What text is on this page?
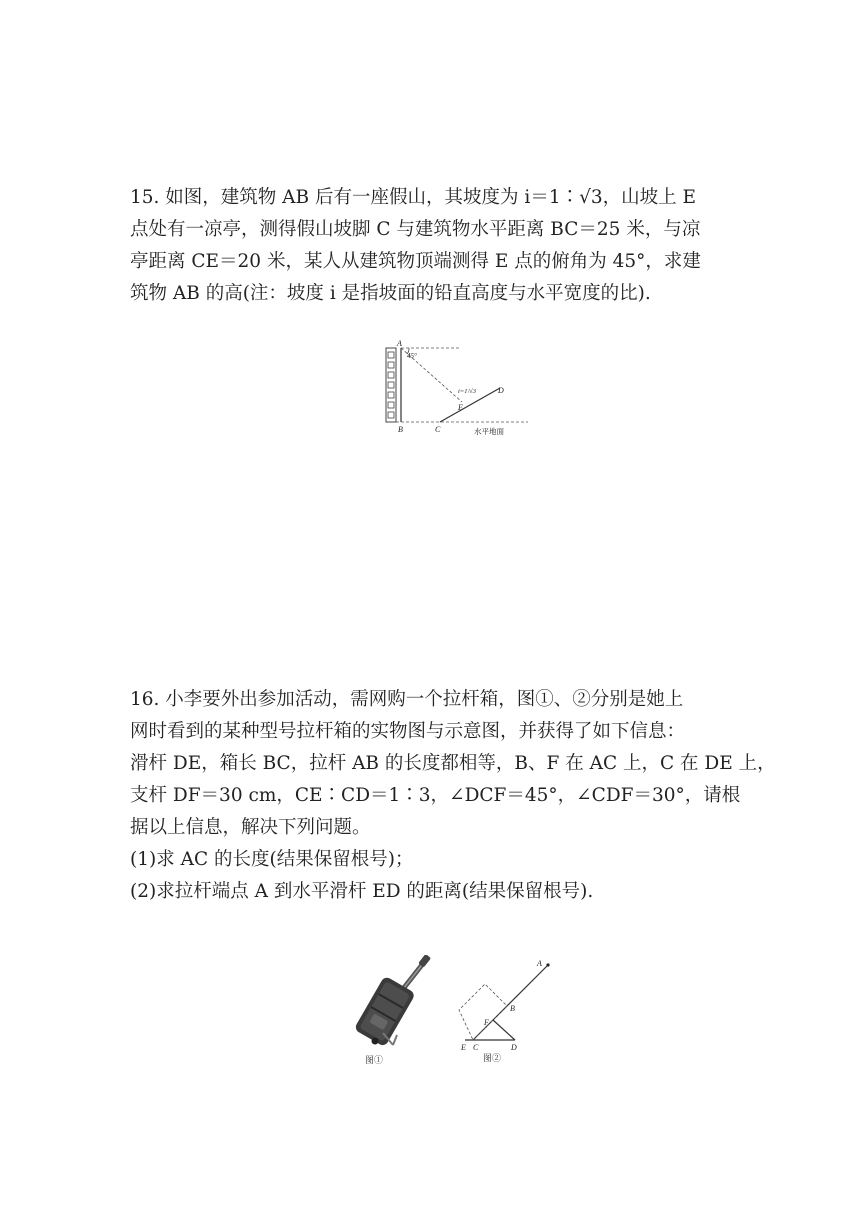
15. 如图，建筑物 AB 后有一座假山，其坡度为 i＝1∶√3，山坡上 E
点处有一凉亭，测得假山坡脚 C 与建筑物水平距离 BC＝25 米，与凉
亭距离 CE＝20 米，某人从建筑物顶端测得 E 点的俯角为 45°，求建
筑物 AB 的高(注：坡度 i 是指坡面的铅直高度与水平宽度的比).
45°
A
B	C
E
D
i=1∶√3
水平地面
16. 小李要外出参加活动，需网购一个拉杆箱，图①、②分别是她上
网时看到的某种型号拉杆箱的实物图与示意图，并获得了如下信息：
滑杆 DE，箱长 BC，拉杆 AB 的长度都相等，B、F 在 AC 上，C 在 DE 上，
支杆 DF＝30 cm，CE∶CD＝1∶3，∠DCF＝45°，∠CDF＝30°，请根
据以上信息，解决下列问题。
(1)求 AC 的长度(结果保留根号)；
(2)求拉杆端点 A 到水平滑杆 ED 的距离(结果保留根号).
图①
A
B
F
E C	D
图②
